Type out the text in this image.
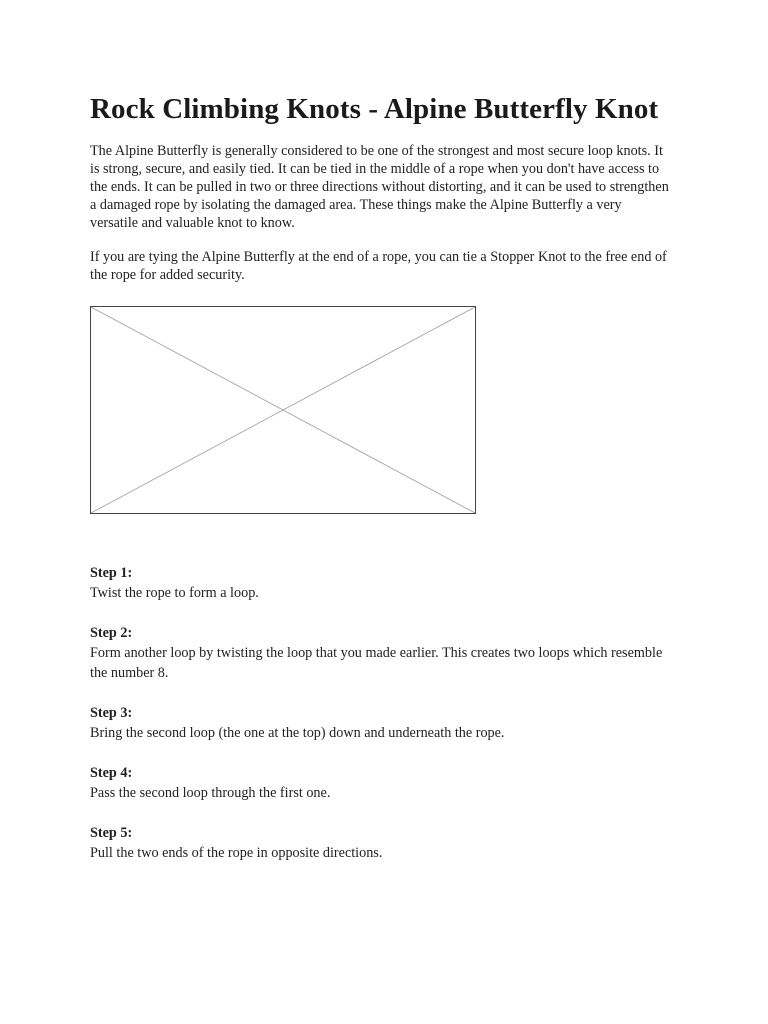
Rock Climbing Knots - Alpine Butterfly Knot

The Alpine Butterfly is generally considered to be one of the strongest and most secure loop knots. It is strong, secure, and easily tied. It can be tied in the middle of a rope when you don't have access to the ends. It can be pulled in two or three directions without distorting, and it can be used to strengthen a damaged rope by isolating the damaged area. These things make the Alpine Butterfly a very versatile and valuable knot to know.

If you are tying the Alpine Butterfly at the end of a rope, you can tie a Stopper Knot to the free end of the rope for added security.

Step 1:

Twist the rope to form a loop.

Step 2:

Form another loop by twisting the loop that you made earlier. This creates two loops which resemble the number 8.

Step 3:

Bring the second loop (the one at the top) down and underneath the rope.

Step 4:

Pass the second loop through the first one.

Step 5:

Pull the two ends of the rope in opposite directions.
